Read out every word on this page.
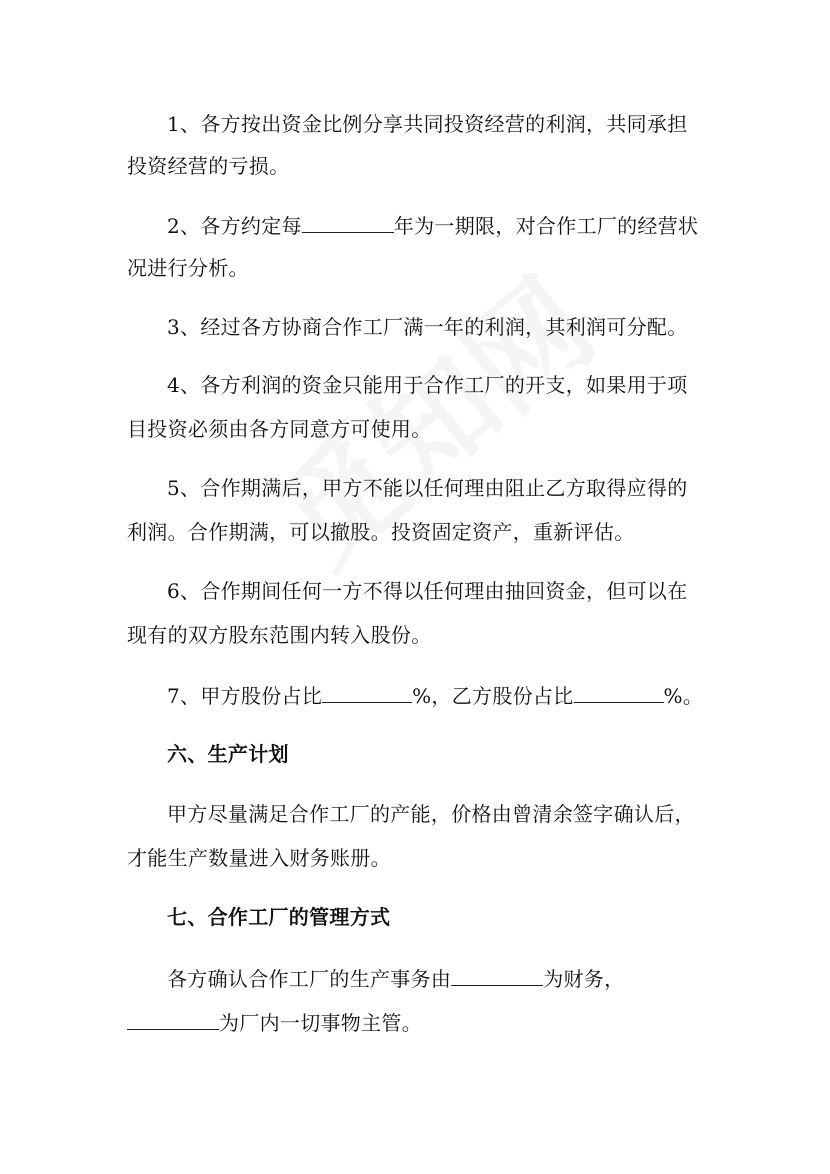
1、各方按出资金比例分享共同投资经营的利润，共同承担
投资经营的亏损。
2、各方约定每	年为一期限，对合作工厂的经营状
况进行分析。
3、经过各方协商合作工厂满一年的利润，其利润可分配。
4、各方利润的资金只能用于合作工厂的开支，如果用于项
目投资必须由各方同意方可使用。
5、合作期满后，甲方不能以任何理由阻止乙方取得应得的
利润。合作期满，可以撤股。投资固定资产，重新评估。
6、合作期间任何一方不得以任何理由抽回资金，但可以在
现有的双方股东范围内转入股份。
7、甲方股份占比	%，乙方股份占比	%。
六、生产计划
甲方尽量满足合作工厂的产能，价格由曾清余签字确认后，
才能生产数量进入财务账册。
七、合作工厂的管理方式
各方确认合作工厂的生产事务由	为财务，
为厂内一切事物主管。
